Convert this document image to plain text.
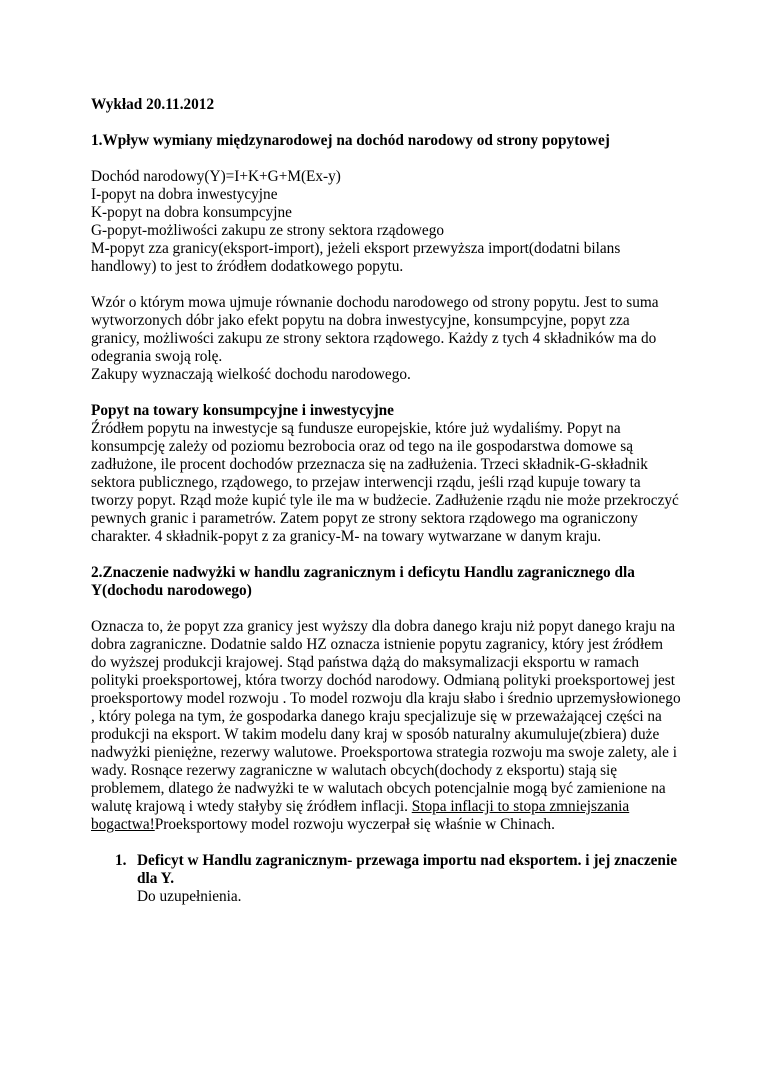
Wykład 20.11.2012

1.Wpływ wymiany międzynarodowej na dochód narodowy od strony popytowej

Dochód narodowy(Y)=I+K+G+M(Ex-y)

I-popyt na dobra inwestycyjne

K-popyt na dobra konsumpcyjne

G-popyt-możliwości zakupu ze strony sektora rządowego

M-popyt zza granicy(eksport-import), jeżeli eksport przewyższa import(dodatni bilans handlowy) to jest to źródłem dodatkowego popytu.

Wzór o którym mowa ujmuje równanie dochodu narodowego od strony popytu. Jest to suma wytworzonych dóbr jako efekt popytu na dobra inwestycyjne, konsumpcyjne, popyt zza granicy, możliwości zakupu ze strony sektora rządowego. Każdy z tych 4 składników ma do odegrania swoją rolę.

Zakupy wyznaczają wielkość dochodu narodowego.

Popyt na towary konsumpcyjne i inwestycyjne

Źródłem popytu na inwestycje są fundusze europejskie, które już wydaliśmy. Popyt na konsumpcję zależy od poziomu bezrobocia oraz od tego na ile gospodarstwa domowe są zadłużone, ile procent dochodów przeznacza się na zadłużenia. Trzeci składnik-G-składnik sektora publicznego, rządowego, to przejaw interwencji rządu, jeśli rząd kupuje towary ta tworzy popyt. Rząd może kupić tyle ile ma w budżecie. Zadłużenie rządu nie może przekroczyć pewnych granic i parametrów. Zatem popyt ze strony sektora rządowego ma ograniczony charakter. 4 składnik-popyt z za granicy-M- na towary wytwarzane w danym kraju.

2.Znaczenie nadwyżki w handlu zagranicznym i deficytu Handlu zagranicznego dla Y(dochodu narodowego)

Oznacza to, że popyt zza granicy jest wyższy dla dobra danego kraju niż popyt danego kraju na dobra zagraniczne. Dodatnie saldo HZ oznacza istnienie popytu zagranicy, który jest źródłem do wyższej produkcji krajowej. Stąd państwa dążą do maksymalizacji eksportu w ramach polityki proeksportowej, która tworzy dochód narodowy. Odmianą polityki proeksportowej jest proeksportowy model rozwoju . To model rozwoju dla kraju słabo i średnio uprzemysłowionego , który polega na tym, że gospodarka danego kraju specjalizuje się w przeważającej części na produkcji na eksport. W takim modelu dany kraj w sposób naturalny akumuluje(zbiera) duże nadwyżki pieniężne, rezerwy walutowe. Proeksportowa strategia rozwoju ma swoje zalety, ale i wady. Rosnące rezerwy zagraniczne w walutach obcych(dochody z eksportu) stają się problemem, dlatego że nadwyżki te w walutach obcych potencjalnie mogą być zamienione na walutę krajową i wtedy stałyby się źródłem inflacji. Stopa inflacji to stopa zmniejszania bogactwa!Proeksportowy model rozwoju wyczerpał się właśnie w Chinach.

1. Deficyt w Handlu zagranicznym- przewaga importu nad eksportem. i jej znaczenie dla Y.

Do uzupełnienia.
